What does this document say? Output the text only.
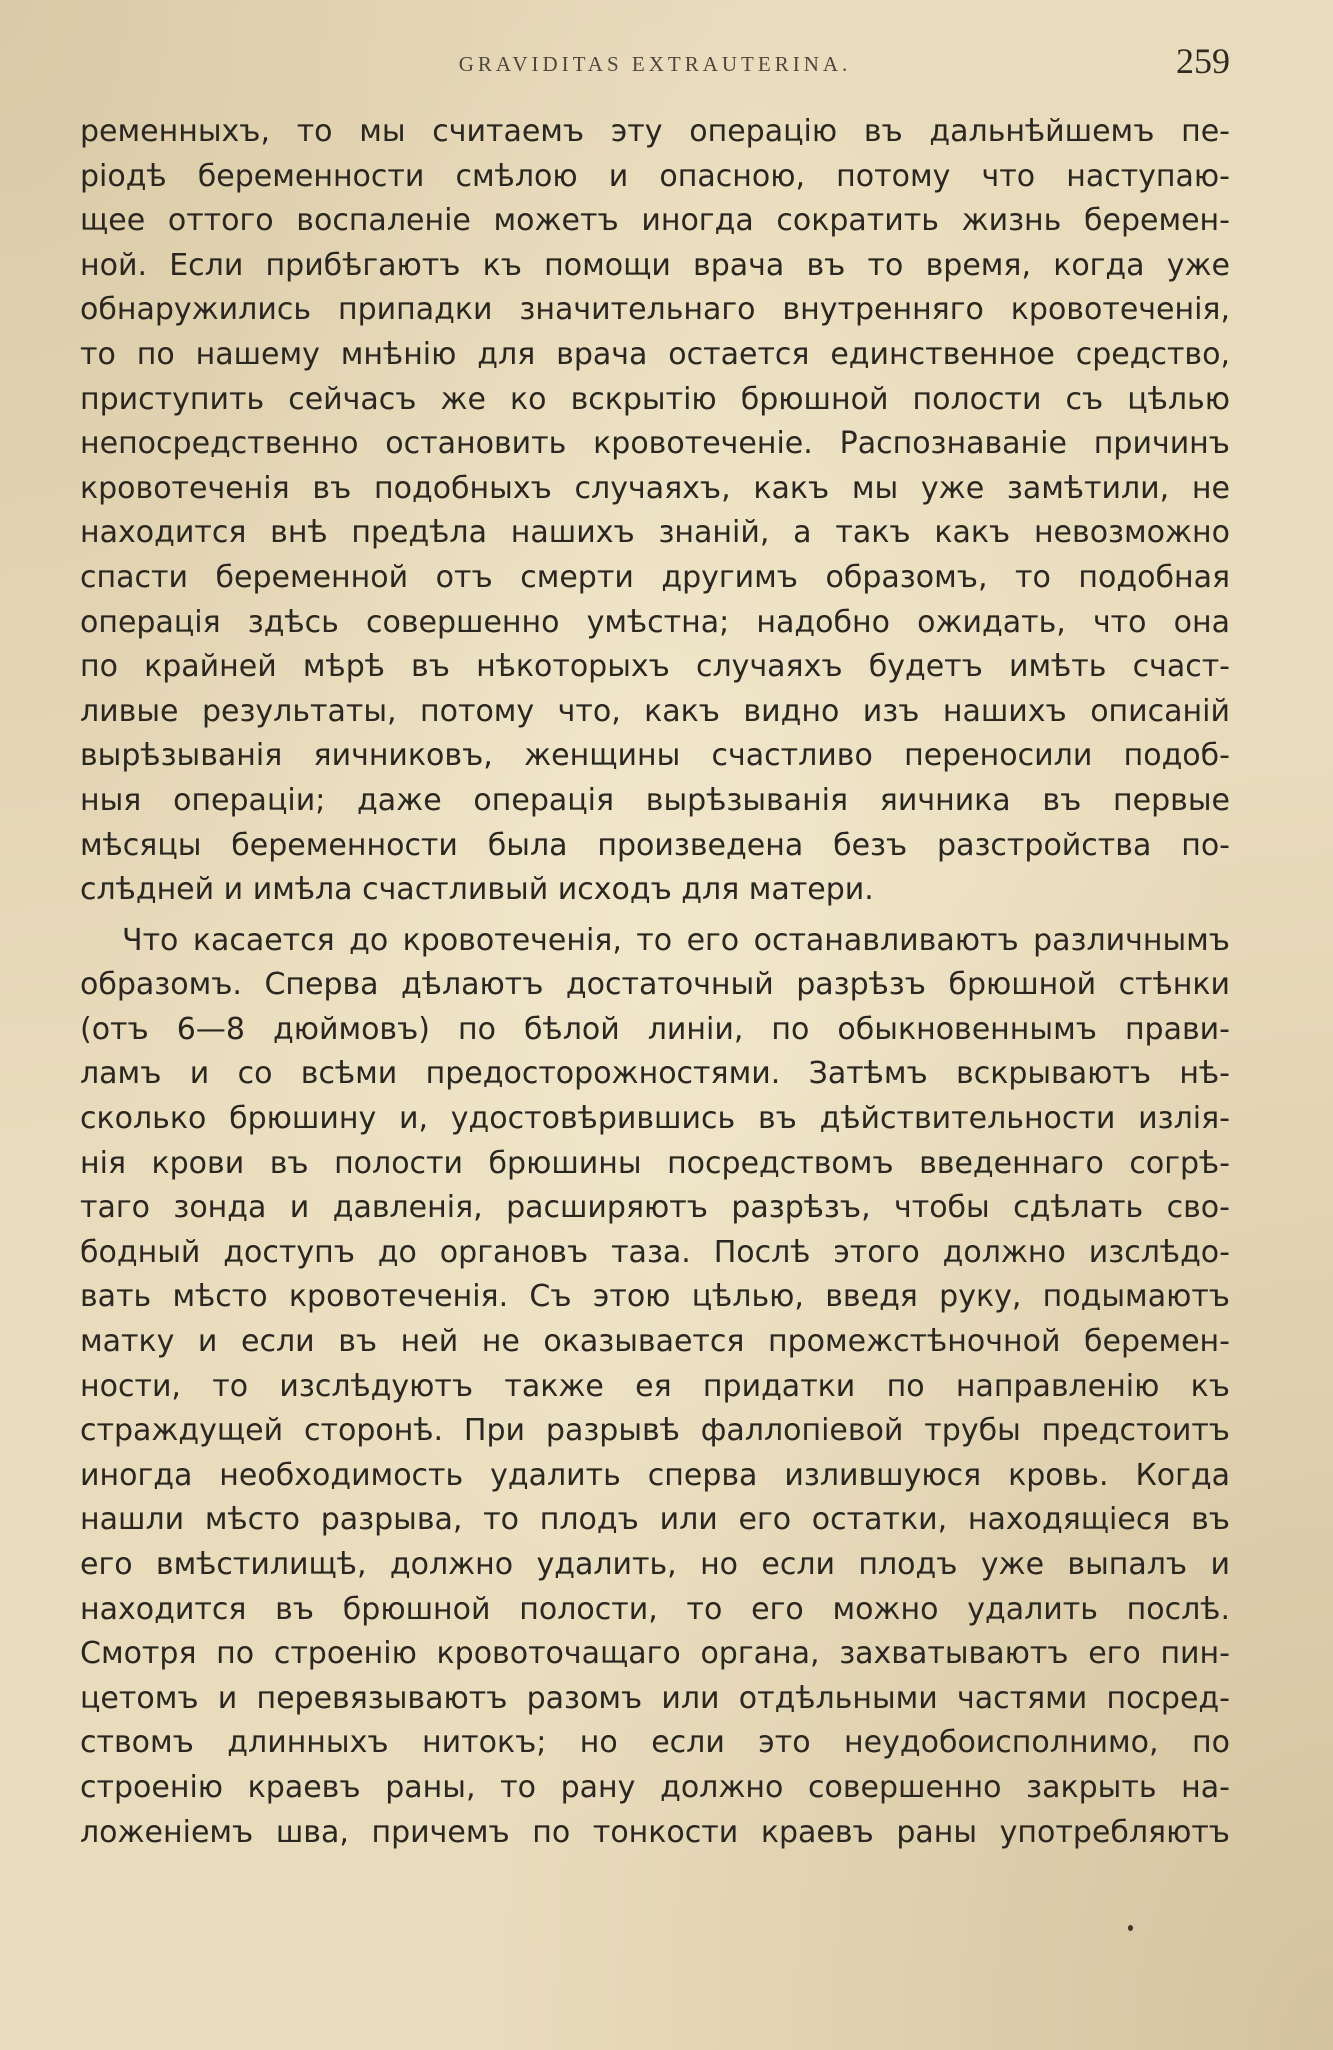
GRAVIDITAS EXTRAUTERINA.	259
ременныхъ, то мы считаемъ эту операцію въ дальнѣйшемъ пе-
ріодѣ беременности смѣлою и опасною, потому что наступаю-
щее оттого воспаленіе можетъ иногда сократить жизнь беремен-
ной. Если прибѣгаютъ къ помощи врача въ то время, когда уже
обнаружились припадки значительнаго внутренняго кровотеченія,
то по нашему мнѣнію для врача остается единственное средство,
приступить сейчасъ же ко вскрытію брюшной полости съ цѣлью
непосредственно остановить кровотеченіе. Распознаваніе причинъ
кровотеченія въ подобныхъ случаяхъ, какъ мы уже замѣтили, не
находится внѣ предѣла нашихъ знаній, а такъ какъ невозможно
спасти беременной отъ смерти другимъ образомъ, то подобная
операція здѣсь совершенно умѣстна; надобно ожидать, что она
по крайней мѣрѣ въ нѣкоторыхъ случаяхъ будетъ имѣть счаст-
ливые результаты, потому что, какъ видно изъ нашихъ описаній
вырѣзыванія яичниковъ, женщины счастливо переносили подоб-
ныя операціи; даже операція вырѣзыванія яичника въ первые
мѣсяцы беременности была произведена безъ разстройства по-
слѣдней и имѣла счастливый исходъ для матери.
Что касается до кровотеченія, то его останавливаютъ различнымъ
образомъ. Сперва дѣлаютъ достаточный разрѣзъ брюшной стѣнки
(отъ 6—8 дюймовъ) по бѣлой линіи, по обыкновеннымъ прави-
ламъ и со всѣми предосторожностями. Затѣмъ вскрываютъ нѣ-
сколько брюшину и, удостовѣрившись въ дѣйствительности излія-
нія крови въ полости брюшины посредствомъ введеннаго согрѣ-
таго зонда и давленія, расширяютъ разрѣзъ, чтобы сдѣлать сво-
бодный доступъ до органовъ таза. Послѣ этого должно изслѣдо-
вать мѣсто кровотеченія. Съ этою цѣлью, введя руку, подымаютъ
матку и если въ ней не оказывается промежстѣночной беремен-
ности, то изслѣдуютъ также ея придатки по направленію къ
страждущей сторонѣ. При разрывѣ фаллопіевой трубы предстоитъ
иногда необходимость удалить сперва излившуюся кровь. Когда
нашли мѣсто разрыва, то плодъ или его остатки, находящіеся въ
его вмѣстилищѣ, должно удалить, но если плодъ уже выпалъ и
находится въ брюшной полости, то его можно удалить послѣ.
Смотря по строенію кровоточащаго органа, захватываютъ его пин-
цетомъ и перевязываютъ разомъ или отдѣльными частями посред-
ствомъ длинныхъ нитокъ; но если это неудобоисполнимо, по
строенію краевъ раны, то рану должно совершенно закрыть на-
ложеніемъ шва, причемъ по тонкости краевъ раны употребляютъ
